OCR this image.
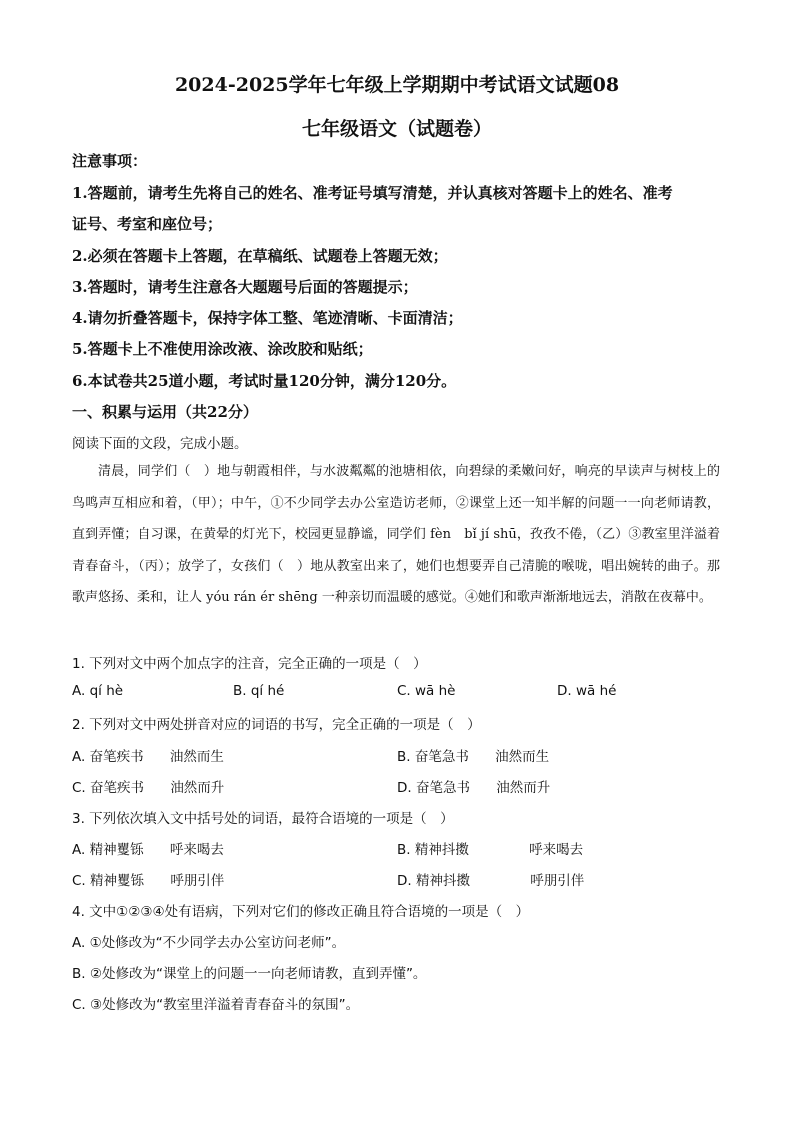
2024-2025学年七年级上学期期中考试语文试题08
七年级语文（试题卷）
注意事项：
1.答题前，请考生先将自己的姓名、准考证号填写清楚，并认真核对答题卡上的姓名、准考
证号、考室和座位号；
2.必须在答题卡上答题，在草稿纸、试题卷上答题无效；
3.答题时，请考生注意各大题题号后面的答题提示；
4.请勿折叠答题卡，保持字体工整、笔迹清晰、卡面清洁；
5.答题卡上不准使用涂改液、涂改胶和贴纸；
6.本试卷共25道小题，考试时量120分钟，满分120分。
一、积累与运用（共22分）
阅读下面的文段，完成小题。

清晨，同学们（　）地与朝霞相伴，与水波粼粼的池塘相依，向碧绿的柔嫩问好，响亮的早读声与树枝上的鸟鸣声互相应和着，（甲）；中午，①不少同学去办公室造访老师，②课堂上还一知半解的问题一一向老师请教，直到弄懂；自习课，在黄晕的灯光下，校园更显静谧，同学们 fèn　bǐ jí shū，孜孜不倦，（乙）③教室里洋溢着青春奋斗，（丙）；放学了，女孩们（　）地从教室出来了，她们也想要弄自己清脆的喉咙，唱出婉转的曲子。那歌声悠扬、柔和，让人 yóu rán ér shēng 一种亲切而温暖的感觉。④她们和歌声渐渐地远去，消散在夜幕中。

1. 下列对文中两个加点字的注音，完全正确的一项是（　）
A. qí hè	B. qí hé	C. wā hè	D. wā hé
2. 下列对文中两处拼音对应的词语的书写，完全正确的一项是（　）
A. 奋笔疾书 油然而生	B. 奋笔急书 油然而生
C. 奋笔疾书 油然而升	D. 奋笔急书 油然而升
3. 下列依次填入文中括号处的词语，最符合语境的一项是（　）
A. 精神矍铄 呼来喝去	B. 精神抖擞	呼来喝去
C. 精神矍铄 呼朋引伴	D. 精神抖擞	呼朋引伴
4. 文中①②③④处有语病，下列对它们的修改正确且符合语境的一项是（　）
A. ①处修改为“不少同学去办公室访问老师”。
B. ②处修改为“课堂上的问题一一向老师请教，直到弄懂”。
C. ③处修改为“教室里洋溢着青春奋斗的氛围”。
